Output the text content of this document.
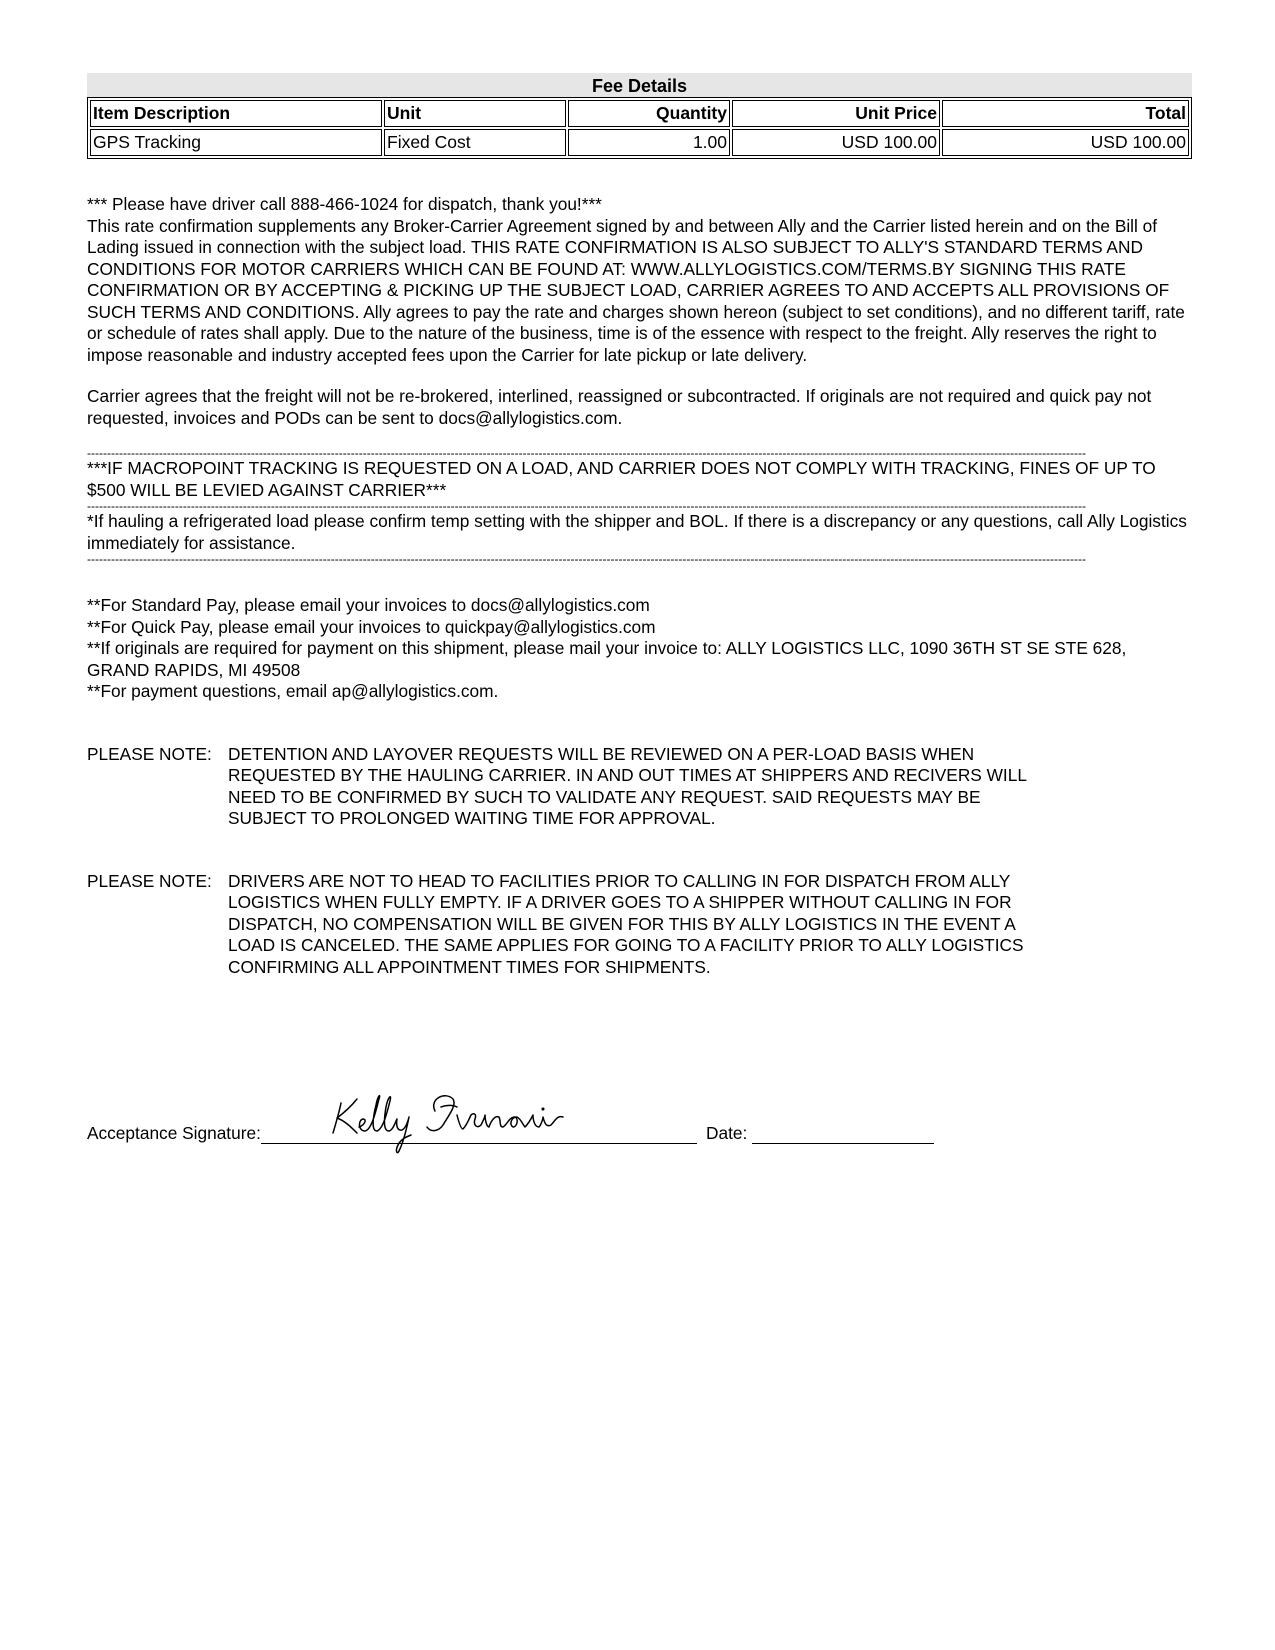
Fee Details
Item Description	Unit	Quantity	Unit Price	Total
GPS Tracking	Fixed Cost	1.00	USD 100.00	USD 100.00

*** Please have driver call 888-466-1024 for dispatch, thank you!***

This rate confirmation supplements any Broker-Carrier Agreement signed by and between Ally and the Carrier listed herein and on the Bill of Lading issued in connection with the subject load. THIS RATE CONFIRMATION IS ALSO SUBJECT TO ALLY'S STANDARD TERMS AND CONDITIONS FOR MOTOR CARRIERS WHICH CAN BE FOUND AT: WWW.ALLYLOGISTICS.COM/TERMS.BY SIGNING THIS RATE CONFIRMATION OR BY ACCEPTING & PICKING UP THE SUBJECT LOAD, CARRIER AGREES TO AND ACCEPTS ALL PROVISIONS OF SUCH TERMS AND CONDITIONS. Ally agrees to pay the rate and charges shown hereon (subject to set conditions), and no different tariff, rate or schedule of rates shall apply. Due to the nature of the business, time is of the essence with respect to the freight. Ally reserves the right to impose reasonable and industry accepted fees upon the Carrier for late pickup or late delivery.

Carrier agrees that the freight will not be re-brokered, interlined, reassigned or subcontracted. If originals are not required and quick pay not requested, invoices and PODs can be sent to docs@allylogistics.com.

----------------------------------------------------------------------------------------------------------------------------------------------------------------------------------------------------------------------------------------------------------
***IF MACROPOINT TRACKING IS REQUESTED ON A LOAD, AND CARRIER DOES NOT COMPLY WITH TRACKING, FINES OF UP TO $500 WILL BE LEVIED AGAINST CARRIER***
----------------------------------------------------------------------------------------------------------------------------------------------------------------------------------------------------------------------------------------------------------
*If hauling a refrigerated load please confirm temp setting with the shipper and BOL. If there is a discrepancy or any questions, call Ally Logistics immediately for assistance.
----------------------------------------------------------------------------------------------------------------------------------------------------------------------------------------------------------------------------------------------------------
**For Standard Pay, please email your invoices to docs@allylogistics.com
**For Quick Pay, please email your invoices to quickpay@allylogistics.com
**If originals are required for payment on this shipment, please mail your invoice to: ALLY LOGISTICS LLC, 1090 36TH ST SE STE 628, GRAND RAPIDS, MI 49508
**For payment questions, email ap@allylogistics.com.
PLEASE NOTE: DETENTION AND LAYOVER REQUESTS WILL BE REVIEWED ON A PER-LOAD BASIS WHEN REQUESTED BY THE HAULING CARRIER. IN AND OUT TIMES AT SHIPPERS AND RECIVERS WILL NEED TO BE CONFIRMED BY SUCH TO VALIDATE ANY REQUEST. SAID REQUESTS MAY BE SUBJECT TO PROLONGED WAITING TIME FOR APPROVAL.
PLEASE NOTE: DRIVERS ARE NOT TO HEAD TO FACILITIES PRIOR TO CALLING IN FOR DISPATCH FROM ALLY LOGISTICS WHEN FULLY EMPTY. IF A DRIVER GOES TO A SHIPPER WITHOUT CALLING IN FOR DISPATCH, NO COMPENSATION WILL BE GIVEN FOR THIS BY ALLY LOGISTICS IN THE EVENT A LOAD IS CANCELED. THE SAME APPLIES FOR GOING TO A FACILITY PRIOR TO ALLY LOGISTICS CONFIRMING ALL APPOINTMENT TIMES FOR SHIPMENTS.
Acceptance Signature:	Date:
